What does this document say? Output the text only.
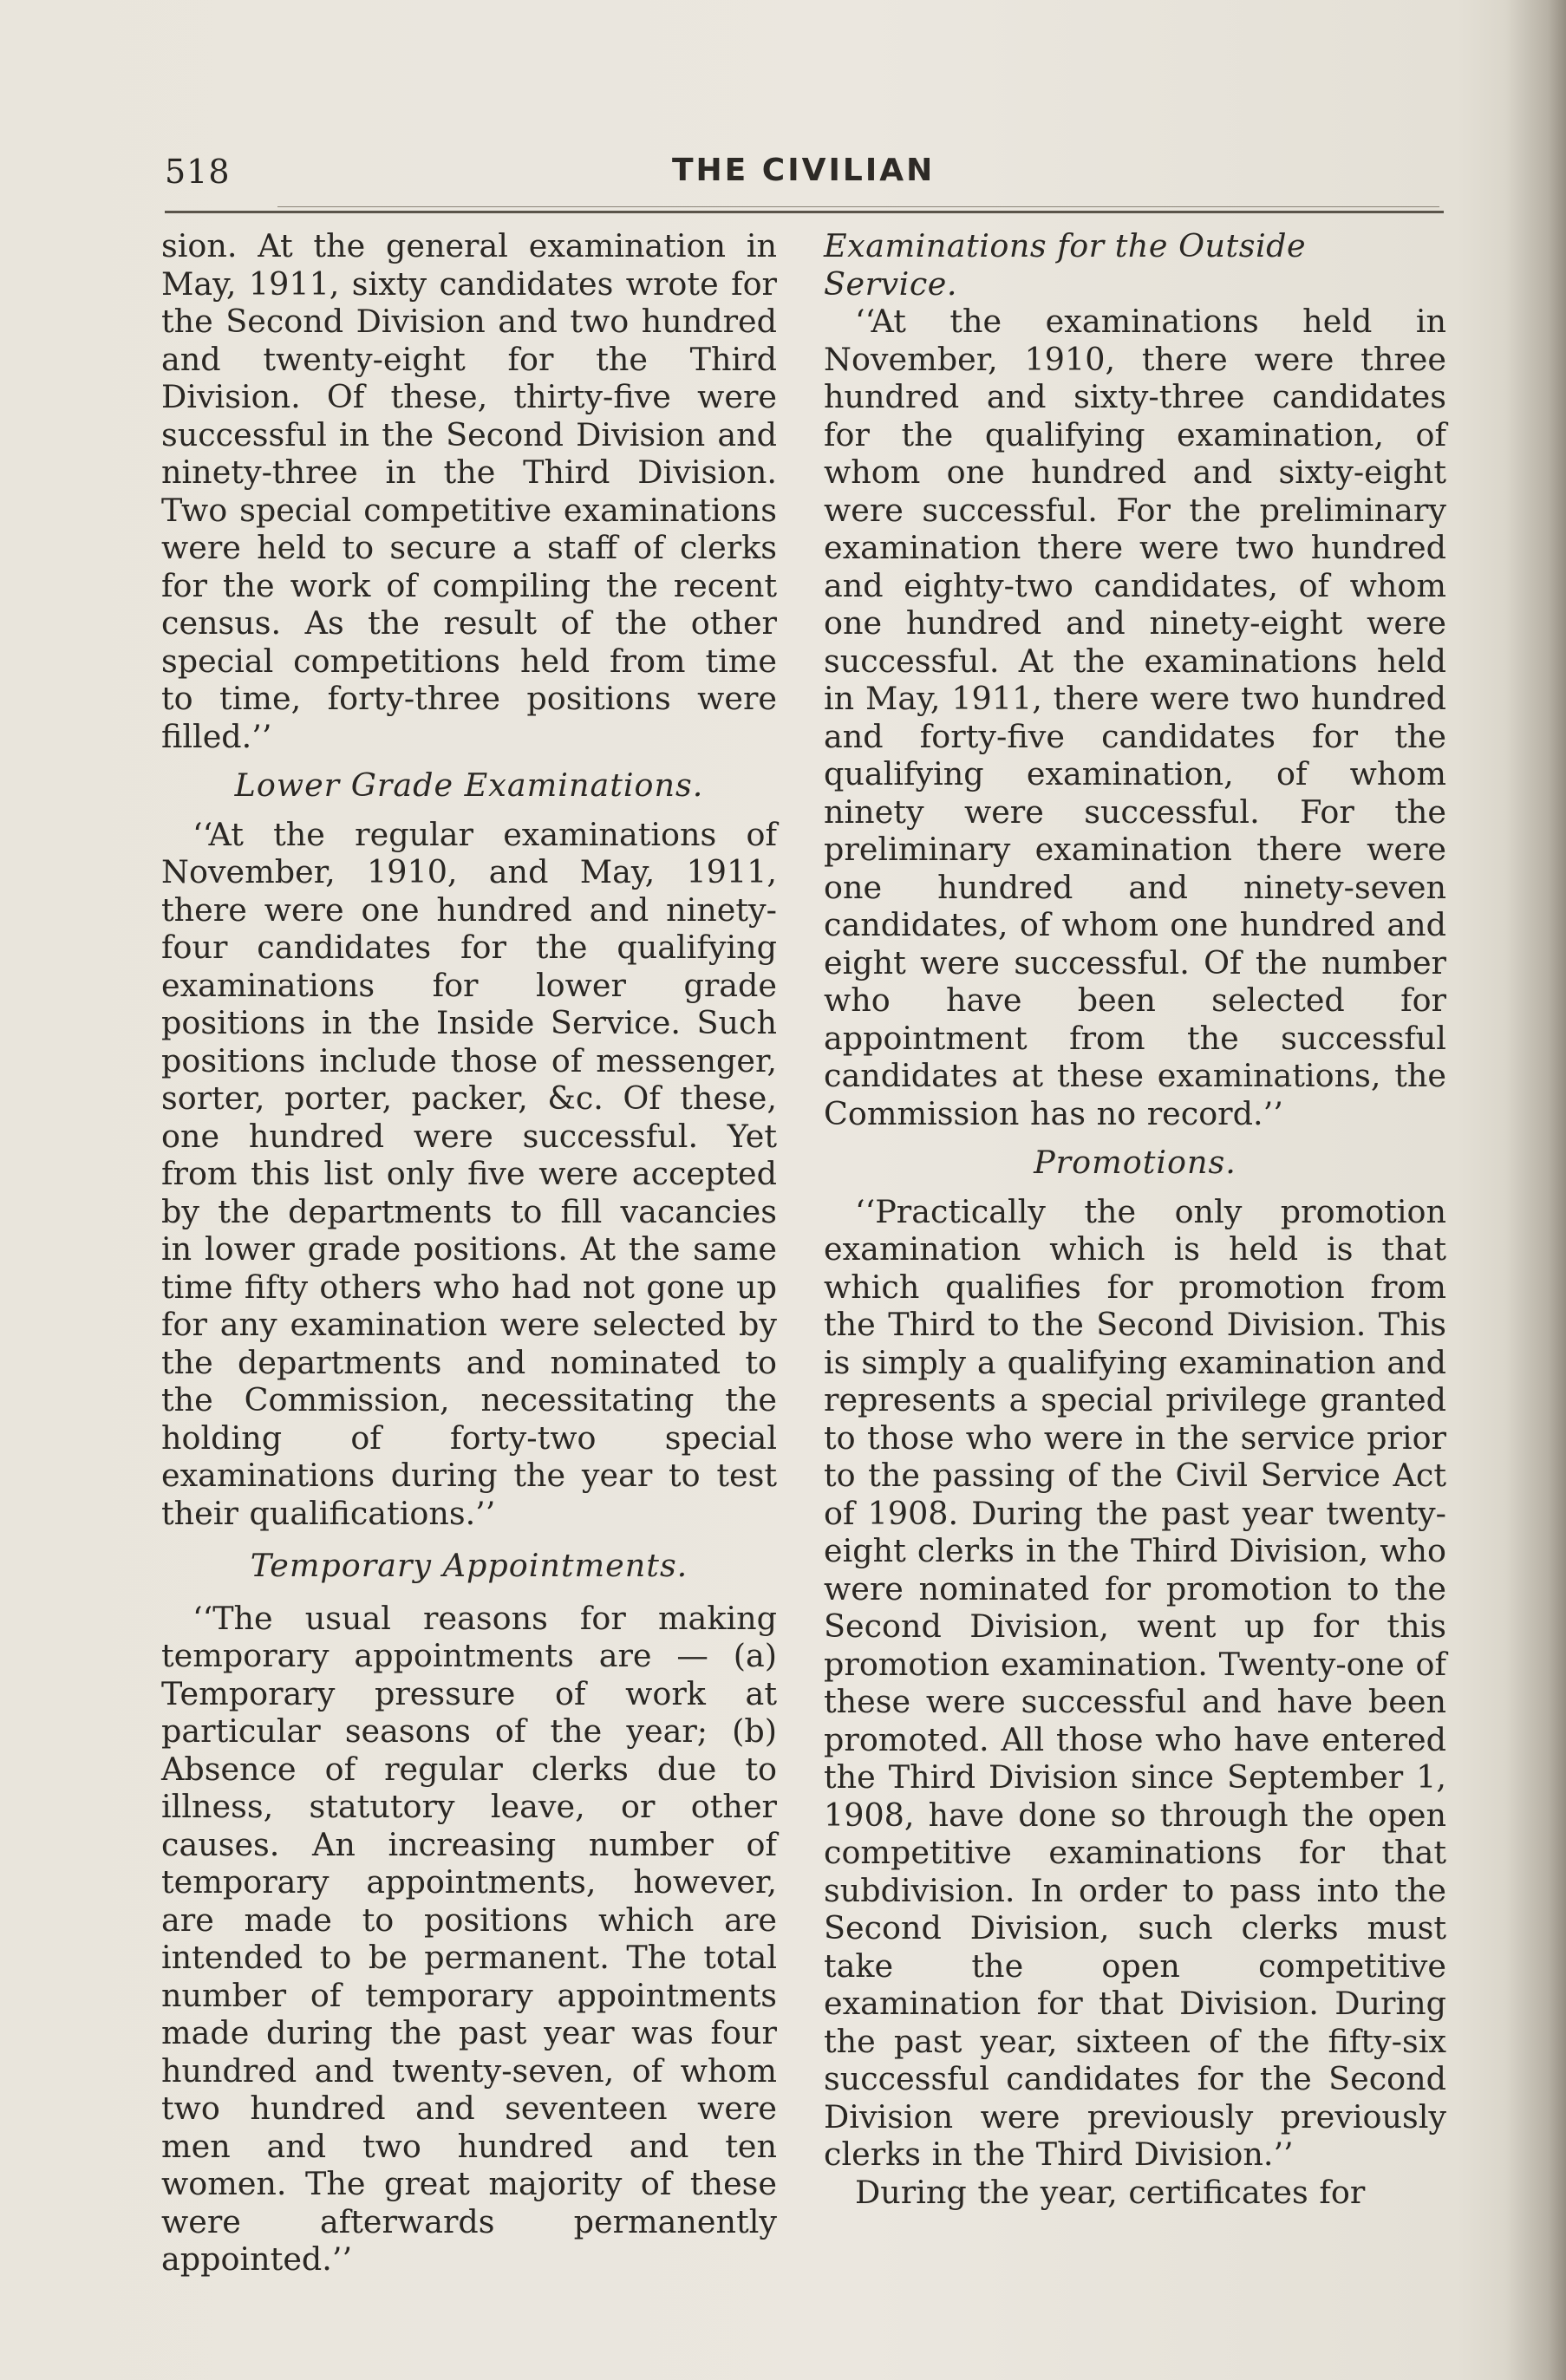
518	THE CIVILIAN

sion. At the general examination in May, 1911, sixty candidates wrote for the Second Division and two hundred and twenty-eight for the Third Division. Of these, thirty-five were successful in the Second Division and ninety-three in the Third Division. Two special competitive examinations were held to secure a staff of clerks for the work of compiling the recent census. As the result of the other special competitions held from time to time, forty-three positions were filled.’’

Lower Grade Examinations.

‘‘At the regular examinations of November, 1910, and May, 1911, there were one hundred and ninety-four candidates for the qualifying examinations for lower grade positions in the Inside Service. Such positions include those of messenger, sorter, porter, packer, &c. Of these, one hundred were successful. Yet from this list only five were accepted by the departments to fill vacancies in lower grade positions. At the same time fifty others who had not gone up for any examination were selected by the departments and nominated to the Commission, necessitating the holding of forty-two special examinations during the year to test their qualifications.’’

Temporary Appointments.

‘‘The usual reasons for making temporary appointments are — (a) Temporary pressure of work at particular seasons of the year; (b) Absence of regular clerks due to illness, statutory leave, or other causes. An increasing number of temporary appointments, however, are made to positions which are intended to be permanent. The total number of temporary appointments made during the past year was four hundred and twenty-seven, of whom two hundred and seventeen were men and two hundred and ten women. The great majority of these were afterwards permanently appointed.’’

Examinations for the Outside Service.

‘‘At the examinations held in November, 1910, there were three hundred and sixty-three candidates for the qualifying examination, of whom one hundred and sixty-eight were successful. For the preliminary examination there were two hundred and eighty-two candidates, of whom one hundred and ninety-eight were successful. At the examinations held in May, 1911, there were two hundred and forty-five candidates for the qualifying examination, of whom ninety were successful. For the preliminary examination there were one hundred and ninety-seven candidates, of whom one hundred and eight were successful. Of the number who have been selected for appointment from the successful candidates at these examinations, the Commission has no record.’’

Promotions.

‘‘Practically the only promotion examination which is held is that which qualifies for promotion from the Third to the Second Division. This is simply a qualifying examination and represents a special privilege granted to those who were in the service prior to the passing of the Civil Service Act of 1908. During the past year twenty-eight clerks in the Third Division, who were nominated for promotion to the Second Division, went up for this promotion examination. Twenty-one of these were successful and have been promoted. All those who have entered the Third Division since September 1, 1908, have done so through the open competitive examinations for that subdivision. In order to pass into the Second Division, such clerks must take the open competitive examination for that Division. During the past year, sixteen of the fifty-six successful candidates for the Second Division were previously previously clerks in the Third Division.’’

During the year, certificates for
